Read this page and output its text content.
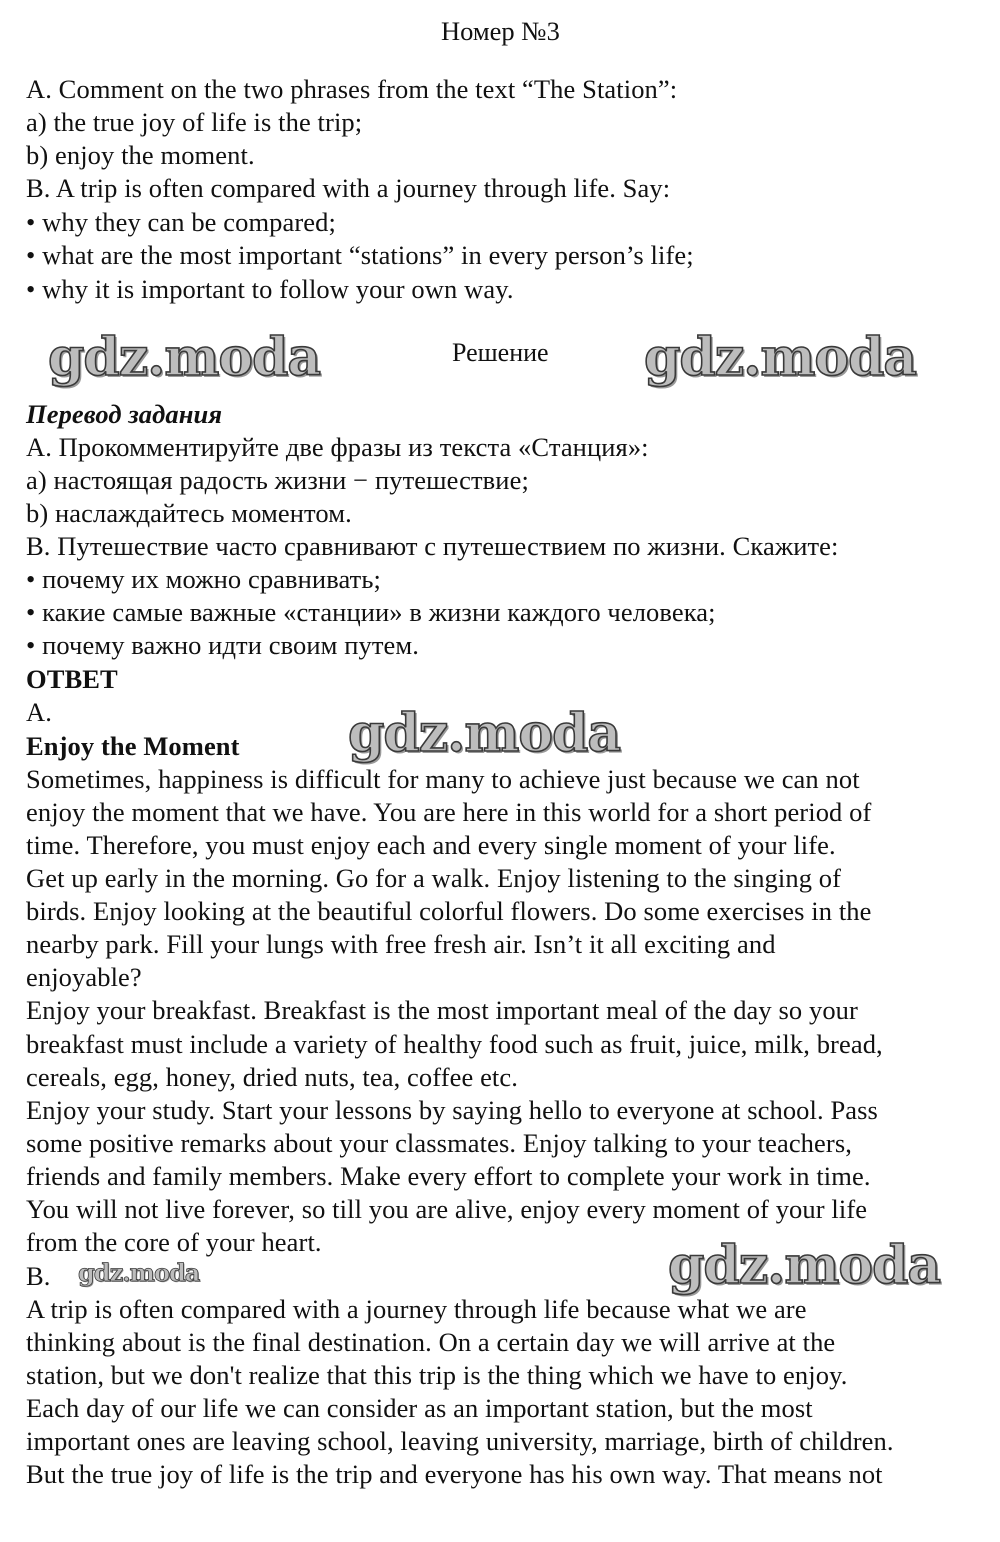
Номер №3
A. Comment on the two phrases from the text “The Station”:
a) the true joy of life is the trip;
b) enjoy the moment.
B. A trip is often compared with a journey through life. Say:
• why they can be compared;
• what are the most important “stations” in every person’s life;
• why it is important to follow your own way.
gdz.moda	Решение gdz.moda
Перевод задания
A. Прокомментируйте две фразы из текста «Станция»:
a) настоящая радость жизни − путешествие;
b) наслаждайтесь моментом.
B. Путешествие часто сравнивают с путешествием по жизни. Скажите:
• почему их можно сравнивать;
• какие самые важные «станции» в жизни каждого человека;
• почему важно идти своим путем.
ОТВЕТ
A.
Enjoy the Moment gdz.moda
Sometimes, happiness is difficult for many to achieve just because we can not
enjoy the moment that we have. You are here in this world for a short period of
time. Therefore, you must enjoy each and every single moment of your life.
Get up early in the morning. Go for a walk. Enjoy listening to the singing of
birds. Enjoy looking at the beautiful colorful flowers. Do some exercises in the
nearby park. Fill your lungs with free fresh air. Isn’t it all exciting and
enjoyable?
Enjoy your breakfast. Breakfast is the most important meal of the day so your
breakfast must include a variety of healthy food such as fruit, juice, milk, bread,
cereals, egg, honey, dried nuts, tea, coffee etc.
Enjoy your study. Start your lessons by saying hello to everyone at school. Pass
some positive remarks about your classmates. Enjoy talking to your teachers,
friends and family members. Make every effort to complete your work in time.
You will not live forever, so till you are alive, enjoy every moment of your life
from the core of your heart.	gdz.moda
B. gdz.moda
A trip is often compared with a journey through life because what we are
thinking about is the final destination. On a certain day we will arrive at the
station, but we don't realize that this trip is the thing which we have to enjoy.
Each day of our life we can consider as an important station, but the most
important ones are leaving school, leaving university, marriage, birth of children.
But the true joy of life is the trip and everyone has his own way. That means not
